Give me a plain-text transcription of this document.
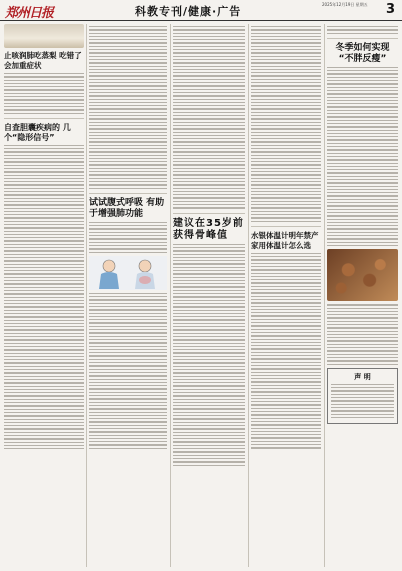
郑州日报	科教专刊/健康·广告
2025年12月19日 星期五	3
止咳润肺吃蒸梨 吃错了会加重症状
自查胆囊疾病的 几个“隐形信号”
试试腹式呼吸 有助于增强肺功能
建议在35岁前 获得骨峰值	水银体温计明年禁产 家用体温计怎么选
冬季如何实现 “不胖反瘦”
声 明
